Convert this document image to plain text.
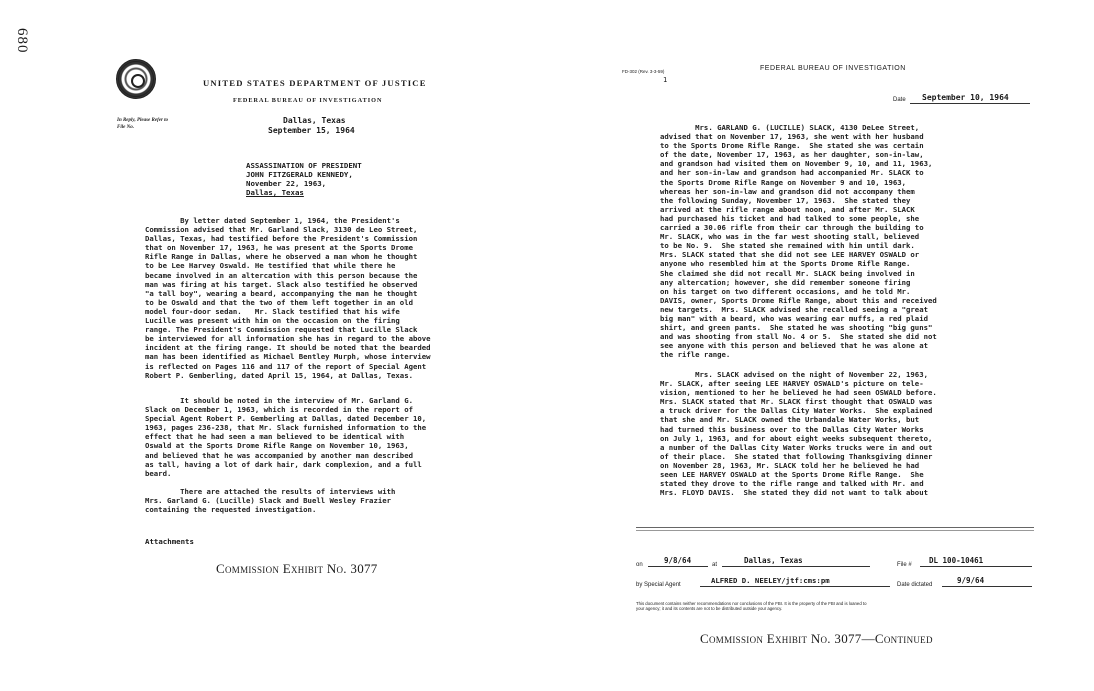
680
UNITED STATES DEPARTMENT OF JUSTICE
FEDERAL BUREAU OF INVESTIGATION
In Reply, Please Refer to
File No.
Dallas, Texas
September 15, 1964
ASSASSINATION OF PRESIDENT
JOHN FITZGERALD KENNEDY,
November 22, 1963,
Dallas, Texas
By letter dated September 1, 1964, the President's
Commission advised that Mr. Garland Slack, 3130 de Leo Street,
Dallas, Texas, had testified before the President's Commission
that on November 17, 1963, he was present at the Sports Drome
Rifle Range in Dallas, where he observed a man whom he thought
to be Lee Harvey Oswald. He testified that while there he
became involved in an altercation with this person because the
man was firing at his target. Slack also testified he observed
"a tall boy", wearing a beard, accompanying the man he thought
to be Oswald and that the two of them left together in an old
model four-door sedan.   Mr. Slack testified that his wife
Lucille was present with him on the occasion on the firing
range. The President's Commission requested that Lucille Slack
be interviewed for all information she has in regard to the above
incident at the firing range. It should be noted that the bearded
man has been identified as Michael Bentley Murph, whose interview
is reflected on Pages 116 and 117 of the report of Special Agent
Robert P. Gemberling, dated April 15, 1964, at Dallas, Texas.
It should be noted in the interview of Mr. Garland G.
Slack on December 1, 1963, which is recorded in the report of
Special Agent Robert P. Gemberling at Dallas, dated December 10,
1963, pages 236-238, that Mr. Slack furnished information to the
effect that he had seen a man believed to be identical with
Oswald at the Sports Drome Rifle Range on November 10, 1963,
and believed that he was accompanied by another man described
as tall, having a lot of dark hair, dark complexion, and a full
beard.
There are attached the results of interviews with
Mrs. Garland G. (Lucille) Slack and Buell Wesley Frazier
containing the requested investigation.
Attachments
Commission Exhibit No. 3077
FD-302 (Rev. 3-3-59)
1
FEDERAL BUREAU OF INVESTIGATION
Date September 10, 1964
Mrs. GARLAND G. (LUCILLE) SLACK, 4130 DeLee Street,
advised that on November 17, 1963, she went with her husband
to the Sports Drome Rifle Range.  She stated she was certain
of the date, November 17, 1963, as her daughter, son-in-law,
and grandson had visited them on November 9, 10, and 11, 1963,
and her son-in-law and grandson had accompanied Mr. SLACK to
the Sports Drome Rifle Range on November 9 and 10, 1963,
whereas her son-in-law and grandson did not accompany them
the following Sunday, November 17, 1963.  She stated they
arrived at the rifle range about noon, and after Mr. SLACK
had purchased his ticket and had talked to some people, she
carried a 30.06 rifle from their car through the building to
Mr. SLACK, who was in the far west shooting stall, believed
to be No. 9.  She stated she remained with him until dark.
Mrs. SLACK stated that she did not see LEE HARVEY OSWALD or
anyone who resembled him at the Sports Drome Rifle Range.
She claimed she did not recall Mr. SLACK being involved in
any altercation; however, she did remember someone firing
on his target on two different occasions, and he told Mr.
DAVIS, owner, Sports Drome Rifle Range, about this and received
new targets.  Mrs. SLACK advised she recalled seeing a "great
big man" with a beard, who was wearing ear muffs, a red plaid
shirt, and green pants.  She stated he was shooting "big guns"
and was shooting from stall No. 4 or 5.  She stated she did not
see anyone with this person and believed that he was alone at
the rifle range.
Mrs. SLACK advised on the night of November 22, 1963,
Mr. SLACK, after seeing LEE HARVEY OSWALD's picture on tele-
vision, mentioned to her he believed he had seen OSWALD before.
Mrs. SLACK stated that Mr. SLACK first thought that OSWALD was
a truck driver for the Dallas City Water Works.  She explained
that she and Mr. SLACK owned the Urbandale Water Works, but
had turned this business over to the Dallas City Water Works
on July 1, 1963, and for about eight weeks subsequent thereto,
a number of the Dallas City Water Works trucks were in and out
of their place.  She stated that following Thanksgiving dinner
on November 28, 1963, Mr. SLACK told her he believed he had
seen LEE HARVEY OSWALD at the Sports Drome Rifle Range.  She
stated they drove to the rifle range and talked with Mr. and
Mrs. FLOYD DAVIS.  She stated they did not want to talk about
on	9/8/64	at	Dallas, Texas	File # DL 100-10461
by Special Agent	ALFRED D. NEELEY/jtf:cms:pm	Date dictated	9/9/64
This document contains neither recommendations nor conclusions of the FBI. It is the property of the FBI and is loaned to
your agency; it and its contents are not to be distributed outside your agency.
Commission Exhibit No. 3077—Continued
